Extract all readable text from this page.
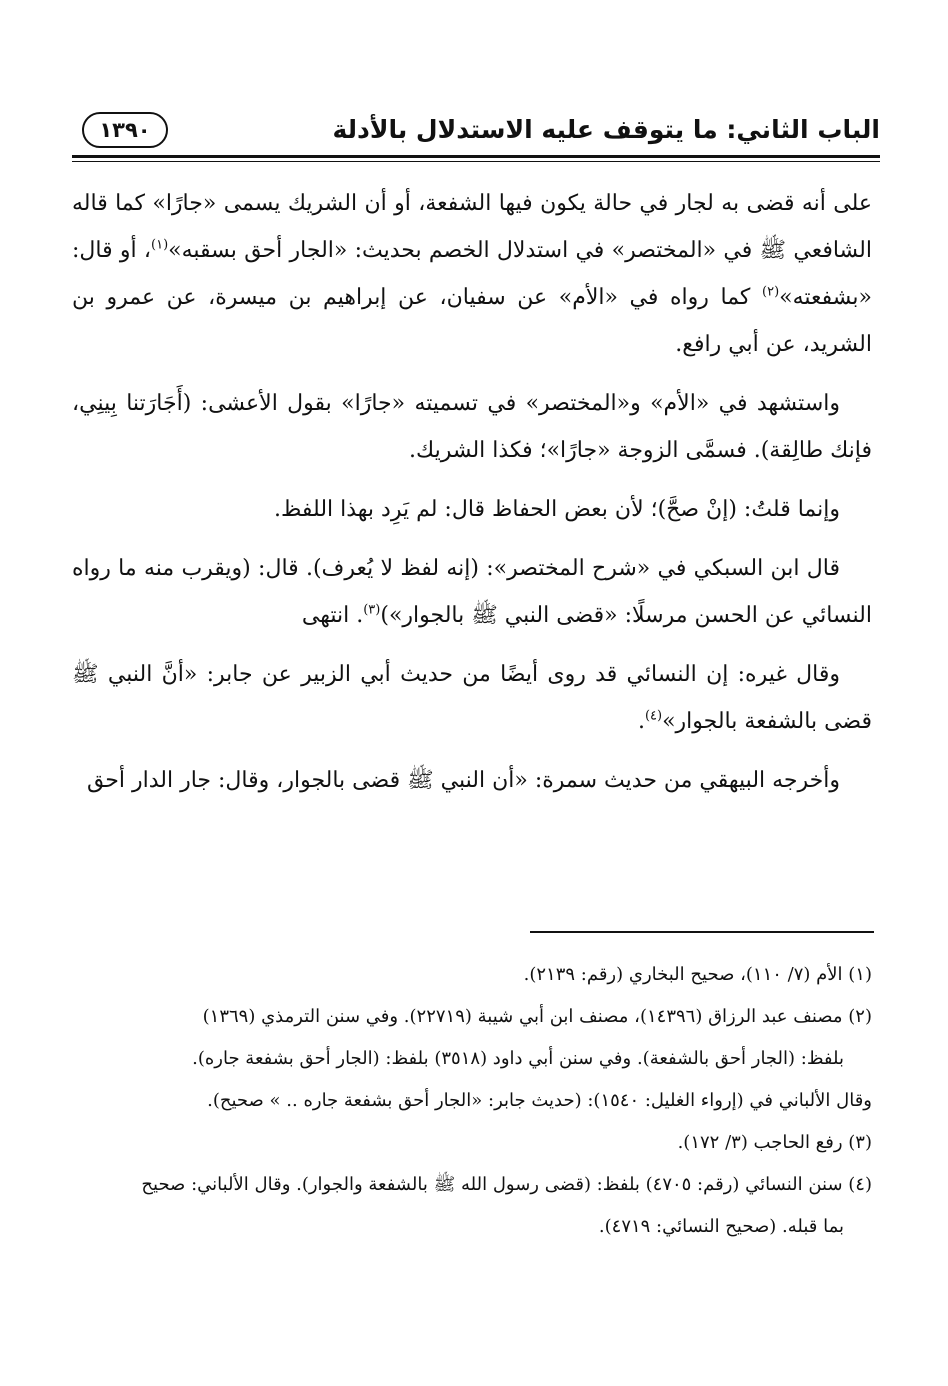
الباب الثاني: ما يتوقف عليه الاستدلال بالأدلة
١٣٩٠

على أنه قضى به لجار في حالة يكون فيها الشفعة، أو أن الشريك يسمى «جارًا» كما قاله الشافعي ﷺ في «المختصر» في استدلال الخصم بحديث: «الجار أحق بسقبه»$^{(١)}$، أو قال: «بشفعته»$^{(٢)}$ كما رواه في «الأم» عن سفيان، عن إبراهيم بن ميسرة، عن عمرو بن الشريد، عن أبي رافع.

واستشهد في «الأم» و«المختصر» في تسميته «جارًا» بقول الأعشى: (أَجَارَتنا بِينِي، فإنك طالِقة). فسمَّى الزوجة «جارًا»؛ فكذا الشريك.

وإنما قلتُ: (إنْ صحَّ)؛ لأن بعض الحفاظ قال: لم يَرِد بهذا اللفظ.

قال ابن السبكي في «شرح المختصر»: (إنه لفظ لا يُعرف). قال: (ويقرب منه ما رواه النسائي عن الحسن مرسلًا: «قضى النبي ﷺ بالجوار»)$^{(٣)}$. انتهى

وقال غيره: إن النسائي قد روى أيضًا من حديث أبي الزبير عن جابر: «أنَّ النبي ﷺ قضى بالشفعة بالجوار»$^{(٤)}$.

وأخرجه البيهقي من حديث سمرة: «أن النبي ﷺ قضى بالجوار، وقال: جار الدار أحق

(١) الأم (٧/ ١١٠)، صحيح البخاري (رقم: ٢١٣٩).

(٢) مصنف عبد الرزاق (١٤٣٩٦)، مصنف ابن أبي شيبة (٢٢٧١٩). وفي سنن الترمذي (١٣٦٩)

بلفظ: (الجار أحق بالشفعة). وفي سنن أبي داود (٣٥١٨) بلفظ: (الجار أحق بشفعة جاره).

وقال الألباني في (إرواء الغليل: ١٥٤٠): (حديث جابر: «الجار أحق بشفعة جاره .. » صحيح).

(٣) رفع الحاجب (٣/ ١٧٢).

(٤) سنن النسائي (رقم: ٤٧٠٥) بلفظ: (قضى رسول الله ﷺ بالشفعة والجوار). وقال الألباني: صحيح

بما قبله. (صحيح النسائي: ٤٧١٩).
